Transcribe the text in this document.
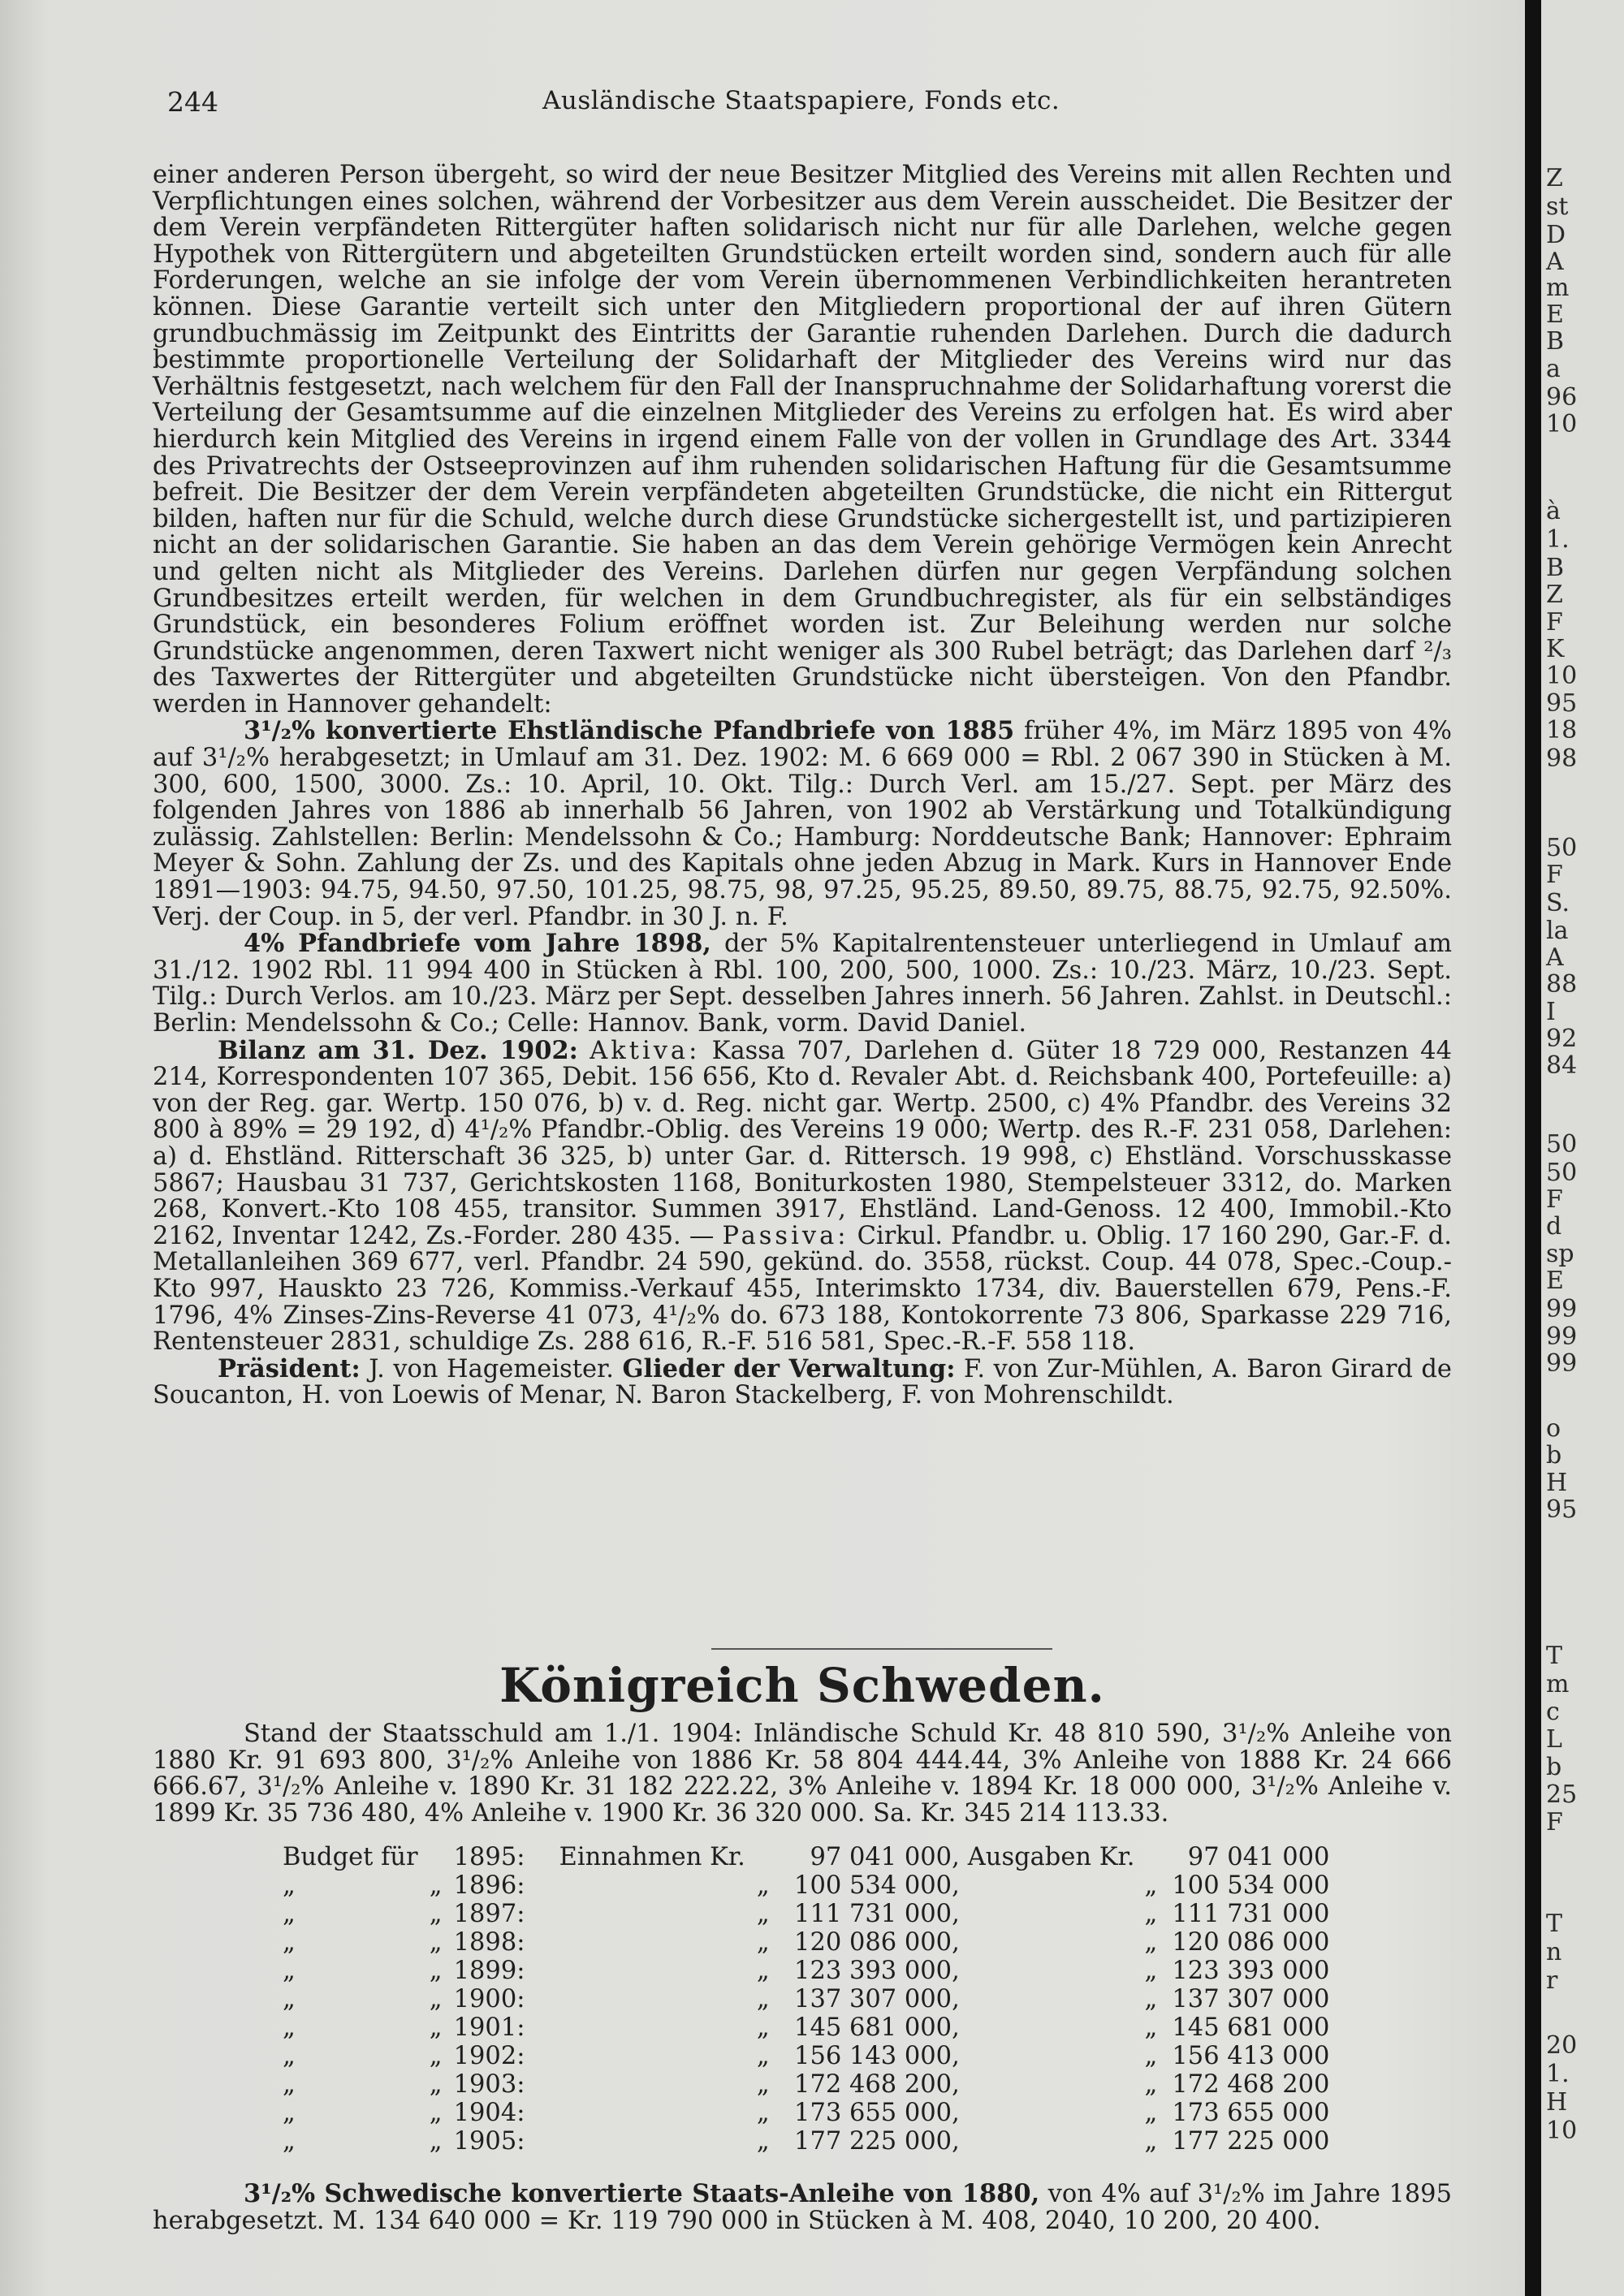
Z
st
D
A
m
E
B
a
96
10
à
1.
B
Z
F
K
10
95
18
98
50
F
S.
la
A
88
I
92
84
50
50
F
d
sp
E
99
99
99
o
b
H
95
T
m
c
L
b
25
F
T
n
r
20
1.
H
10
244	Ausländische Staatspapiere, Fonds etc.

einer anderen Person übergeht, so wird der neue Besitzer Mitglied des Vereins mit allen Rechten und Verpflichtungen eines solchen, während der Vorbesitzer aus dem Verein ausscheidet. Die Besitzer der dem Verein verpfändeten Rittergüter haften solidarisch nicht nur für alle Darlehen, welche gegen Hypothek von Rittergütern und abgeteilten Grundstücken erteilt worden sind, sondern auch für alle Forderungen, welche an sie infolge der vom Verein übernommenen Verbindlichkeiten herantreten können. Diese Garantie verteilt sich unter den Mitgliedern proportional der auf ihren Gütern grundbuchmässig im Zeitpunkt des Eintritts der Garantie ruhenden Darlehen. Durch die dadurch bestimmte proportionelle Verteilung der Solidarhaft der Mitglieder des Vereins wird nur das Verhältnis festgesetzt, nach welchem für den Fall der Inanspruchnahme der Solidarhaftung vorerst die Verteilung der Gesamtsumme auf die einzelnen Mitglieder des Vereins zu erfolgen hat. Es wird aber hierdurch kein Mitglied des Vereins in irgend einem Falle von der vollen in Grundlage des Art. 3344 des Privatrechts der Ostseeprovinzen auf ihm ruhenden solidarischen Haftung für die Gesamtsumme befreit. Die Besitzer der dem Verein verpfändeten abgeteilten Grundstücke, die nicht ein Rittergut bilden, haften nur für die Schuld, welche durch diese Grundstücke sichergestellt ist, und partizipieren nicht an der solidarischen Garantie. Sie haben an das dem Verein gehörige Vermögen kein Anrecht und gelten nicht als Mitglieder des Vereins. Darlehen dürfen nur gegen Verpfändung solchen Grundbesitzes erteilt werden, für welchen in dem Grundbuchregister, als für ein selbständiges Grundstück, ein besonderes Folium eröffnet worden ist. Zur Beleihung werden nur solche Grundstücke angenommen, deren Taxwert nicht weniger als 300 Rubel beträgt; das Darlehen darf ²/₃ des Taxwertes der Rittergüter und abgeteilten Grundstücke nicht übersteigen. Von den Pfandbr. werden in Hannover gehandelt:

3¹/₂% konvertierte Ehstländische Pfandbriefe von 1885 früher 4%, im März 1895 von 4% auf 3¹/₂% herabgesetzt; in Umlauf am 31. Dez. 1902: M. 6 669 000 = Rbl. 2 067 390 in Stücken à M. 300, 600, 1500, 3000. Zs.: 10. April, 10. Okt. Tilg.: Durch Verl. am 15./27. Sept. per März des folgenden Jahres von 1886 ab innerhalb 56 Jahren, von 1902 ab Verstärkung und Totalkündigung zulässig. Zahlstellen: Berlin: Mendelssohn & Co.; Hamburg: Norddeutsche Bank; Hannover: Ephraim Meyer & Sohn. Zahlung der Zs. und des Kapitals ohne jeden Abzug in Mark. Kurs in Hannover Ende 1891—1903: 94.75, 94.50, 97.50, 101.25, 98.75, 98, 97.25, 95.25, 89.50, 89.75, 88.75, 92.75, 92.50%. Verj. der Coup. in 5, der verl. Pfandbr. in 30 J. n. F.

4% Pfandbriefe vom Jahre 1898, der 5% Kapitalrentensteuer unterliegend in Umlauf am 31./12. 1902 Rbl. 11 994 400 in Stücken à Rbl. 100, 200, 500, 1000. Zs.: 10./23. März, 10./23. Sept. Tilg.: Durch Verlos. am 10./23. März per Sept. desselben Jahres innerh. 56 Jahren. Zahlst. in Deutschl.: Berlin: Mendelssohn & Co.; Celle: Hannov. Bank, vorm. David Daniel.

Bilanz am 31. Dez. 1902: Aktiva: Kassa 707, Darlehen d. Güter 18 729 000, Restanzen 44 214, Korrespondenten 107 365, Debit. 156 656, Kto d. Revaler Abt. d. Reichsbank 400, Portefeuille: a) von der Reg. gar. Wertp. 150 076, b) v. d. Reg. nicht gar. Wertp. 2500, c) 4% Pfandbr. des Vereins 32 800 à 89% = 29 192, d) 4¹/₂% Pfandbr.-Oblig. des Vereins 19 000; Wertp. des R.-F. 231 058, Darlehen: a) d. Ehstländ. Ritterschaft 36 325, b) unter Gar. d. Rittersch. 19 998, c) Ehstländ. Vorschusskasse 5867; Hausbau 31 737, Gerichtskosten 1168, Boniturkosten 1980, Stempelsteuer 3312, do. Marken 268, Konvert.-Kto 108 455, transitor. Summen 3917, Ehstländ. Land-Genoss. 12 400, Immobil.-Kto 2162, Inventar 1242, Zs.-Forder. 280 435. — Passiva: Cirkul. Pfandbr. u. Oblig. 17 160 290, Gar.-F. d. Metallanleihen 369 677, verl. Pfandbr. 24 590, gekünd. do. 3558, rückst. Coup. 44 078, Spec.-Coup.-Kto 997, Hauskto 23 726, Kommiss.-Verkauf 455, Interimskto 1734, div. Bauerstellen 679, Pens.-F. 1796, 4% Zinses-Zins-Reverse 41 073, 4¹/₂% do. 673 188, Kontokorrente 73 806, Sparkasse 229 716, Rentensteuer 2831, schuldige Zs. 288 616, R.-F. 516 581, Spec.-R.-F. 558 118.

Präsident: J. von Hagemeister. Glieder der Verwaltung: F. von Zur-Mühlen, A. Baron Girard de Soucanton, H. von Loewis of Menar, N. Baron Stackelberg, F. von Mohrenschildt.

Königreich Schweden.

Stand der Staatsschuld am 1./1. 1904: Inländische Schuld Kr. 48 810 590, 3¹/₂% Anleihe von 1880 Kr. 91 693 800, 3¹/₂% Anleihe von 1886 Kr. 58 804 444.44, 3% Anleihe von 1888 Kr. 24 666 666.67, 3¹/₂% Anleihe v. 1890 Kr. 31 182 222.22, 3% Anleihe v. 1894 Kr. 18 000 000, 3¹/₂% Anleihe v. 1899 Kr. 35 736 480, 4% Anleihe v. 1900 Kr. 36 320 000. Sa. Kr. 345 214 113.33.

Budget für		1895:	Einnahmen Kr.		97 041 000,	Ausgaben Kr.		97 041 000
„	„	1896:		„	100 534 000,		„	100 534 000
„	„	1897:		„	111 731 000,		„	111 731 000
„	„	1898:		„	120 086 000,		„	120 086 000
„	„	1899:		„	123 393 000,		„	123 393 000
„	„	1900:		„	137 307 000,		„	137 307 000
„	„	1901:		„	145 681 000,		„	145 681 000
„	„	1902:		„	156 143 000,		„	156 413 000
„	„	1903:		„	172 468 200,		„	172 468 200
„	„	1904:		„	173 655 000,		„	173 655 000
„	„	1905:		„	177 225 000,		„	177 225 000

3¹/₂% Schwedische konvertierte Staats-Anleihe von 1880, von 4% auf 3¹/₂% im Jahre 1895 herabgesetzt. M. 134 640 000 = Kr. 119 790 000 in Stücken à M. 408, 2040, 10 200, 20 400.
